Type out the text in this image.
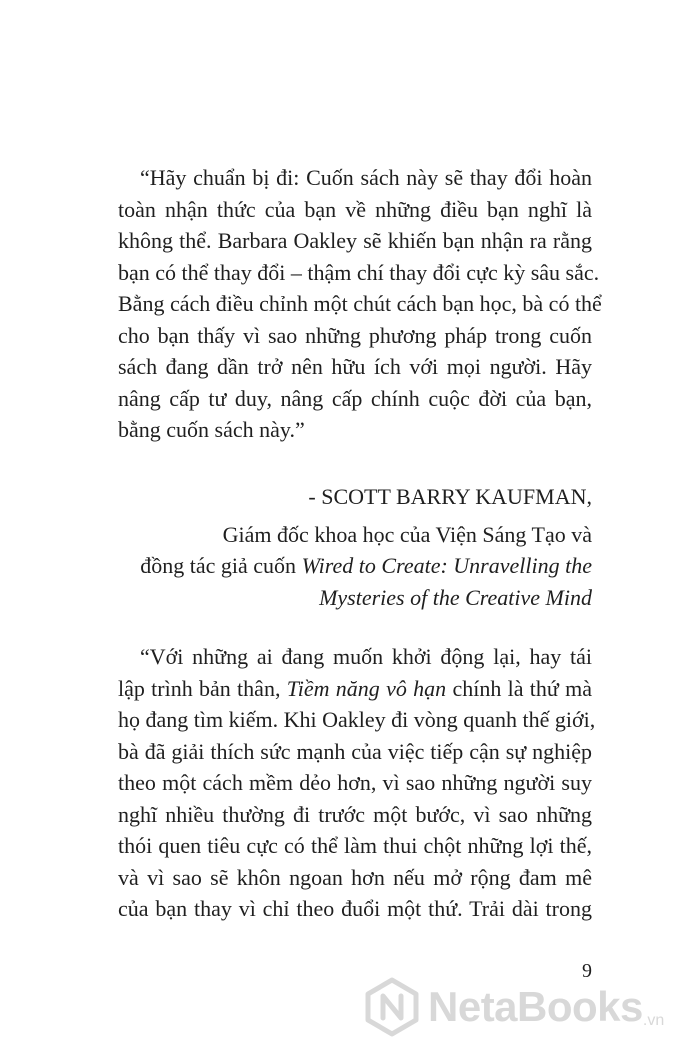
“Hãy chuẩn bị đi: Cuốn sách này sẽ thay đổi hoàn
toàn nhận thức của bạn về những điều bạn nghĩ là
không thể. Barbara Oakley sẽ khiến bạn nhận ra rằng
bạn có thể thay đổi – thậm chí thay đổi cực kỳ sâu sắc.
Bằng cách điều chỉnh một chút cách bạn học, bà có thể
cho bạn thấy vì sao những phương pháp trong cuốn
sách đang dần trở nên hữu ích với mọi người. Hãy
nâng cấp tư duy, nâng cấp chính cuộc đời của bạn,
bằng cuốn sách này.”
- SCOTT BARRY KAUFMAN,
Giám đốc khoa học của Viện Sáng Tạo và
đồng tác giả cuốn Wired to Create: Unravelling the
Mysteries of the Creative Mind
“Với những ai đang muốn khởi động lại, hay tái
lập trình bản thân, Tiềm năng vô hạn chính là thứ mà
họ đang tìm kiếm. Khi Oakley đi vòng quanh thế giới,
bà đã giải thích sức mạnh của việc tiếp cận sự nghiệp
theo một cách mềm dẻo hơn, vì sao những người suy
nghĩ nhiều thường đi trước một bước, vì sao những
thói quen tiêu cực có thể làm thui chột những lợi thế,
và vì sao sẽ khôn ngoan hơn nếu mở rộng đam mê
của bạn thay vì chỉ theo đuổi một thứ. Trải dài trong
9
NetaBooks .vn
